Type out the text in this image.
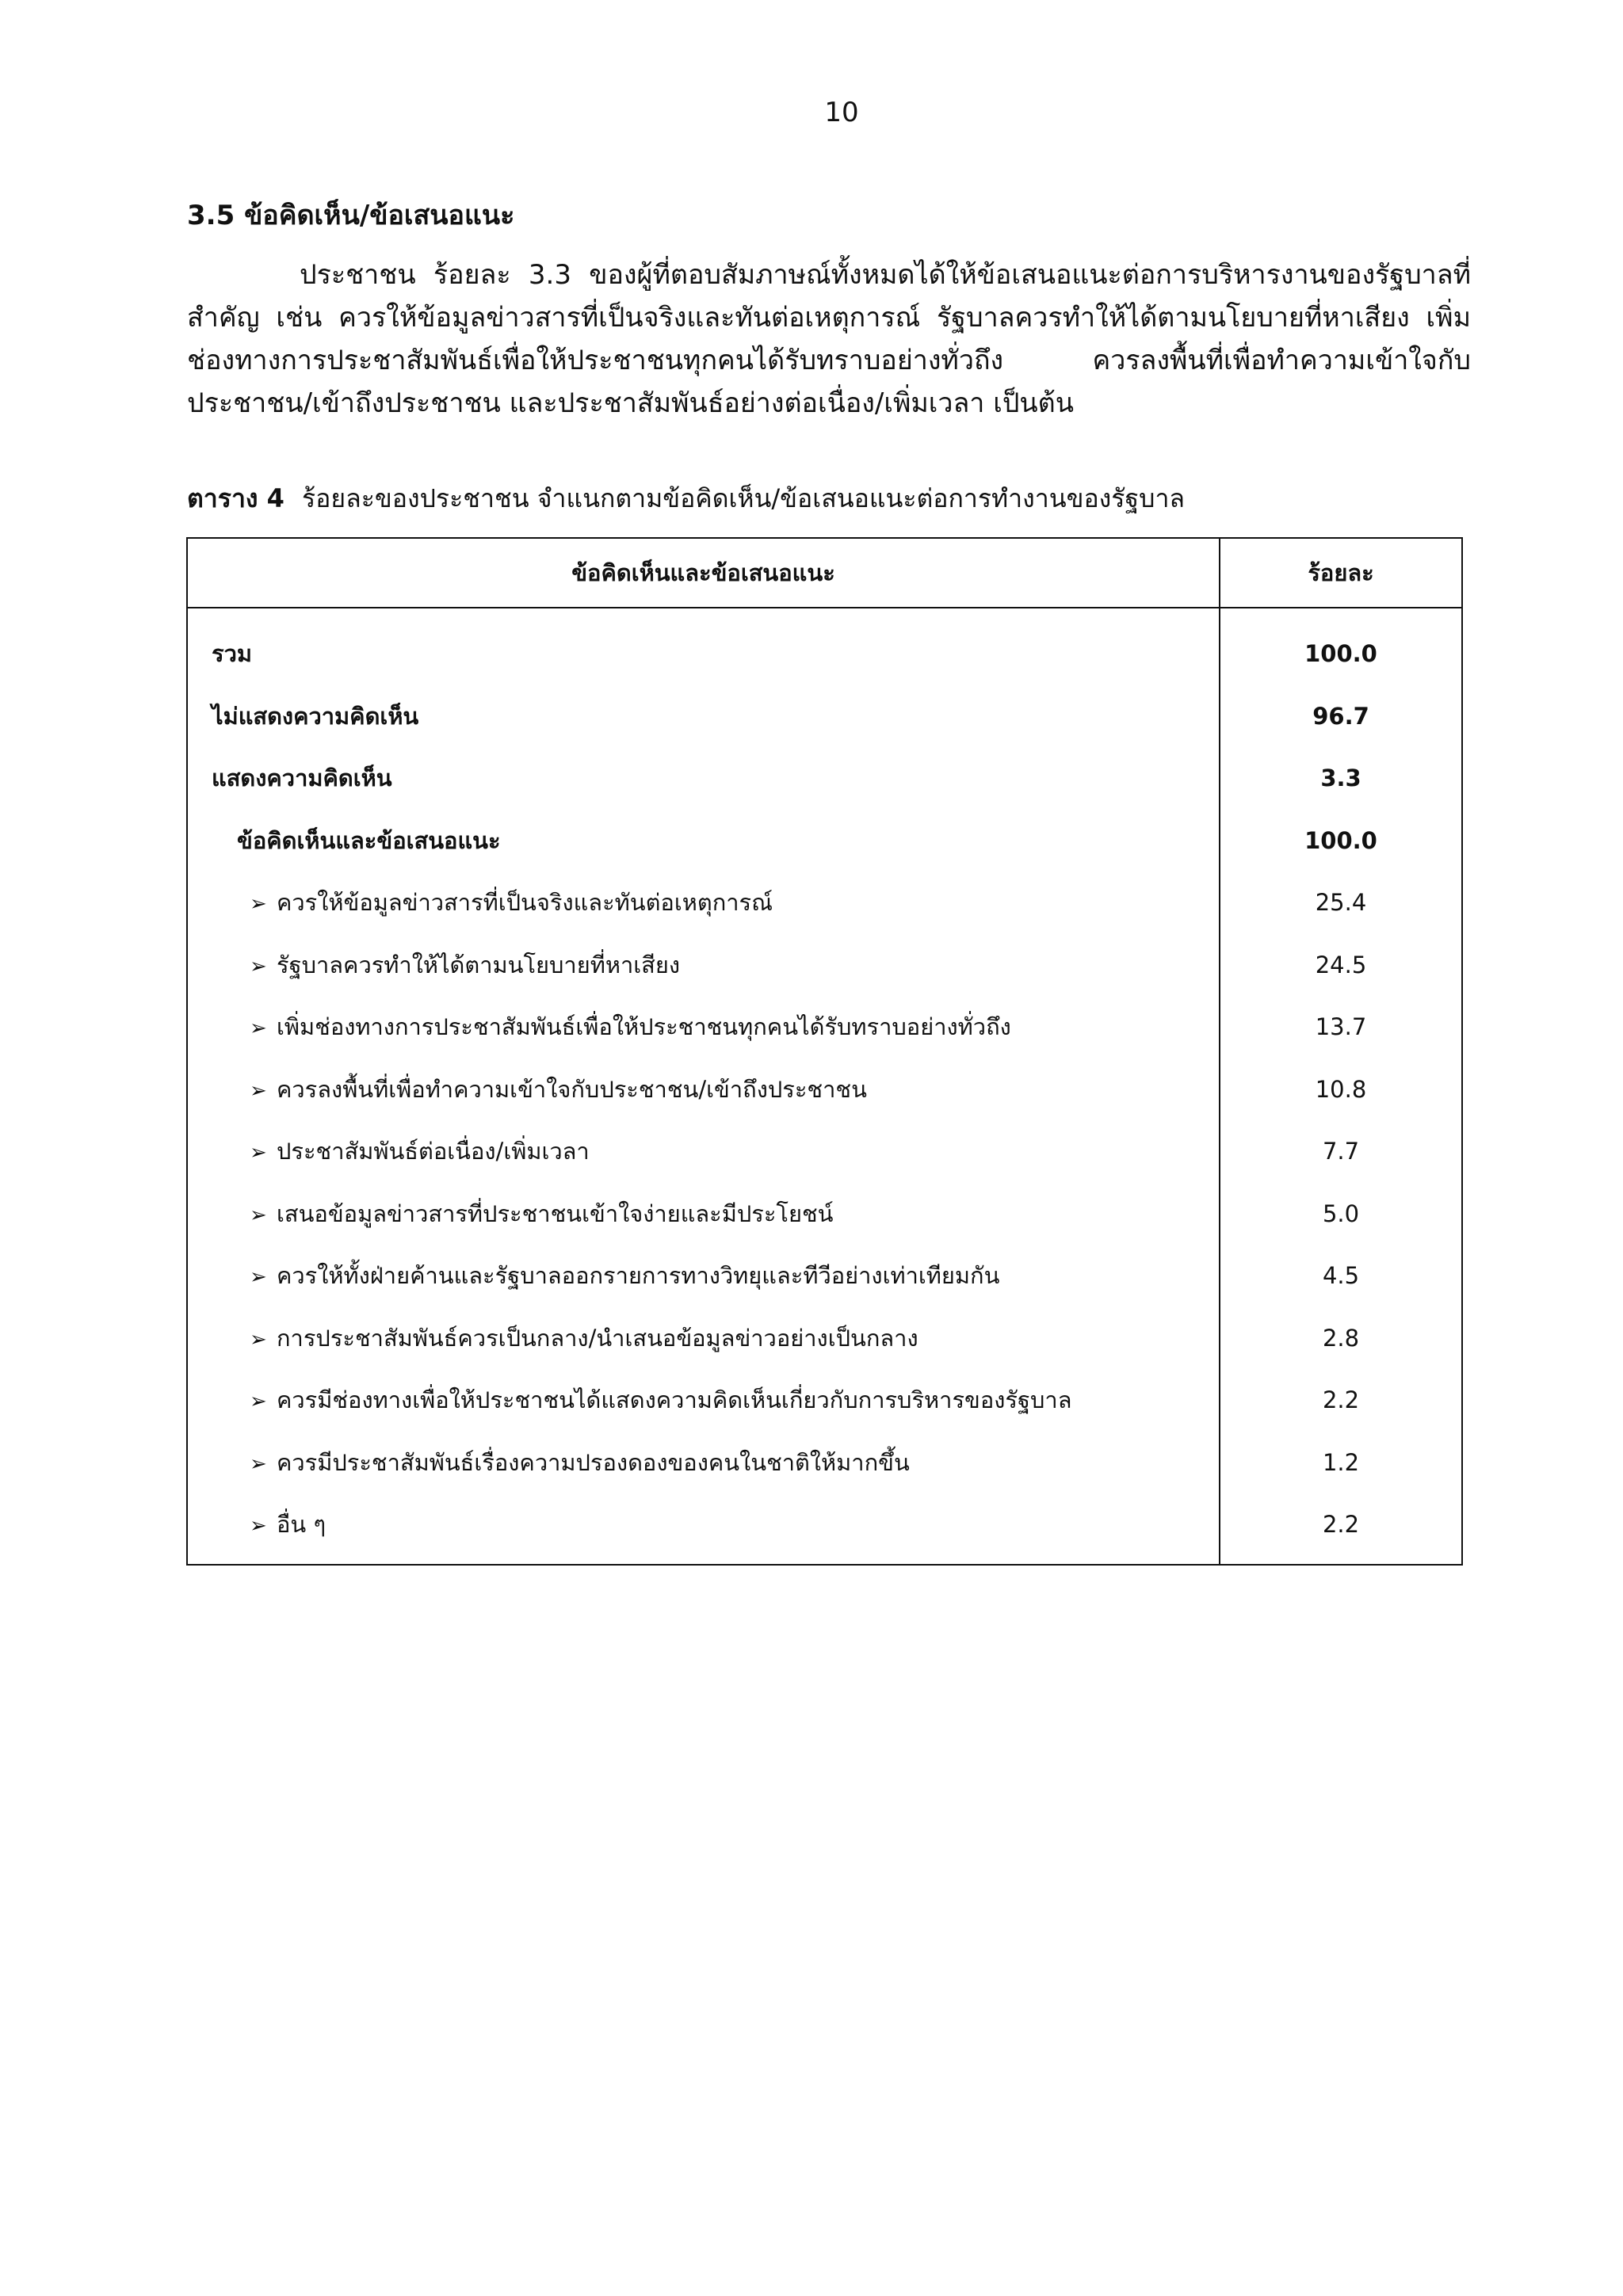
10
3.5 ข้อคิดเห็น/ข้อเสนอแนะ
ประชาชน ร้อยละ 3.3 ของผู้ที่ตอบสัมภาษณ์ทั้งหมดได้ให้ข้อเสนอแนะต่อการบริหารงานของรัฐบาลที่สำคัญ เช่น ควรให้ข้อมูลข่าวสารที่เป็นจริงและทันต่อเหตุการณ์ รัฐบาลควรทำให้ได้ตามนโยบายที่หาเสียง เพิ่มช่องทางการประชาสัมพันธ์เพื่อให้ประชาชนทุกคนได้รับทราบอย่างทั่วถึง ควรลงพื้นที่เพื่อทำความเข้าใจกับประชาชน/เข้าถึงประชาชน และประชาสัมพันธ์อย่างต่อเนื่อง/เพิ่มเวลา เป็นต้น
ตาราง 4 ร้อยละของประชาชน จำแนกตามข้อคิดเห็น/ข้อเสนอแนะต่อการทำงานของรัฐบาล
ข้อคิดเห็นและข้อเสนอแนะ	ร้อยละ
รวม	100.0
ไม่แสดงความคิดเห็น	96.7
แสดงความคิดเห็น	3.3
ข้อคิดเห็นและข้อเสนอแนะ	100.0
➢ ควรให้ข้อมูลข่าวสารที่เป็นจริงและทันต่อเหตุการณ์	25.4
➢ รัฐบาลควรทำให้ได้ตามนโยบายที่หาเสียง	24.5
➢ เพิ่มช่องทางการประชาสัมพันธ์เพื่อให้ประชาชนทุกคนได้รับทราบอย่างทั่วถึง	13.7
➢ ควรลงพื้นที่เพื่อทำความเข้าใจกับประชาชน/เข้าถึงประชาชน	10.8
➢ ประชาสัมพันธ์ต่อเนื่อง/เพิ่มเวลา	7.7
➢ เสนอข้อมูลข่าวสารที่ประชาชนเข้าใจง่ายและมีประโยชน์	5.0
➢ ควรให้ทั้งฝ่ายค้านและรัฐบาลออกรายการทางวิทยุและทีวีอย่างเท่าเทียมกัน	4.5
➢ การประชาสัมพันธ์ควรเป็นกลาง/นำเสนอข้อมูลข่าวอย่างเป็นกลาง	2.8
➢ ควรมีช่องทางเพื่อให้ประชาชนได้แสดงความคิดเห็นเกี่ยวกับการบริหารของรัฐบาล	2.2
➢ ควรมีประชาสัมพันธ์เรื่องความปรองดองของคนในชาติให้มากขึ้น	1.2
➢ อื่น ๆ	2.2
